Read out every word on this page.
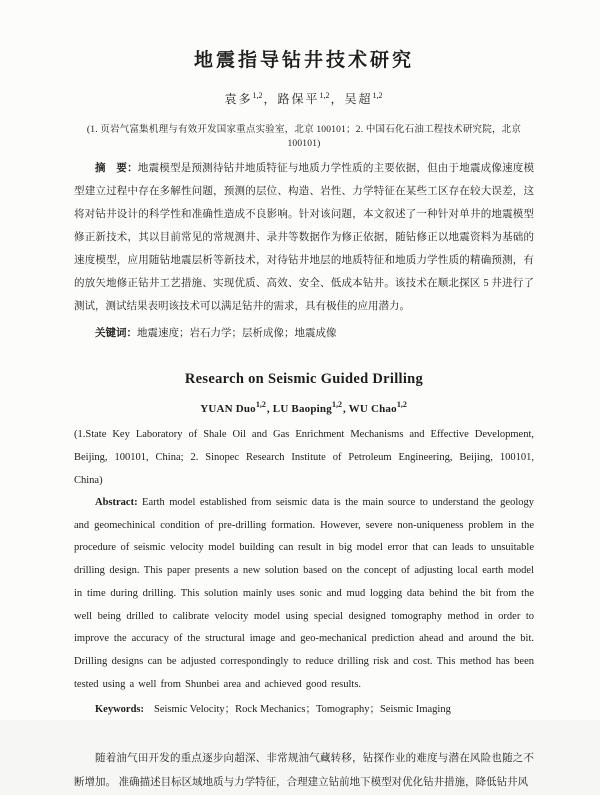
地震指导钻井技术研究
袁多$^{1,2}$，路保平$^{1,2}$，吴超$^{1,2}$
(1. 页岩气富集机理与有效开发国家重点实验室，北京 100101；2. 中国石化石油工程技术研究院，北京 100101)

摘　要：地震模型是预测待钻井地质特征与地质力学性质的主要依据，但由于地震成像速度模型建立过程中存在多解性问题，预测的层位、构造、岩性、力学特征在某些工区存在较大误差，这将对钻井设计的科学性和准确性造成不良影响。针对该问题，本文叙述了一种针对单井的地震模型修正新技术，其以目前常见的常规测井、录井等数据作为修正依据，随钻修正以地震资料为基础的速度模型，应用随钻地震层析等新技术，对待钻井地层的地质特征和地质力学性质的精确预测，有的放矢地修正钻井工艺措施、实现优质、高效、安全、低成本钻井。该技术在顺北探区 5 井进行了测试，测试结果表明该技术可以满足钻井的需求，具有极佳的应用潜力。

关键词：地震速度；岩石力学；层析成像；地震成像

Research on Seismic Guided Drilling
YUAN Duo$^{1,2}$, LU Baoping$^{1,2}$, WU Chao$^{1,2}$
(1.State Key Laboratory of Shale Oil and Gas Enrichment Mechanisms and Effective Development, Beijing, 100101, China; 2. Sinopec Research Institute of Petroleum Engineering, Beijing, 100101, China)

Abstract: Earth model established from seismic data is the main source to understand the geology and geomechinical condition of pre-drilling formation. However, severe non-uniqueness problem in the procedure of seismic velocity model building can result in big model error that can leads to unsuitable drilling design. This paper presents a new solution based on the concept of adjusting local earth model in time during drilling. This solution mainly uses sonic and mud logging data behind the bit from the well being drilled to calibrate velocity model using special designed tomography method in order to improve the accuracy of the structural image and geo-mechanical prediction ahead and around the bit. Drilling designs can be adjusted correspondingly to reduce drilling risk and cost. This method has been tested using a well from Shunbei area and achieved good results.

Keywords: Seismic Velocity；Rock Mechanics；Tomography；Seismic Imaging

随着油气田开发的重点逐步向超深、非常规油气藏转移，钻探作业的难度与潜在风险也随之不断增加。 准确描述目标区域地质与力学特征，合理建立钻前地下模型对优化钻井措施，降低钻井风
